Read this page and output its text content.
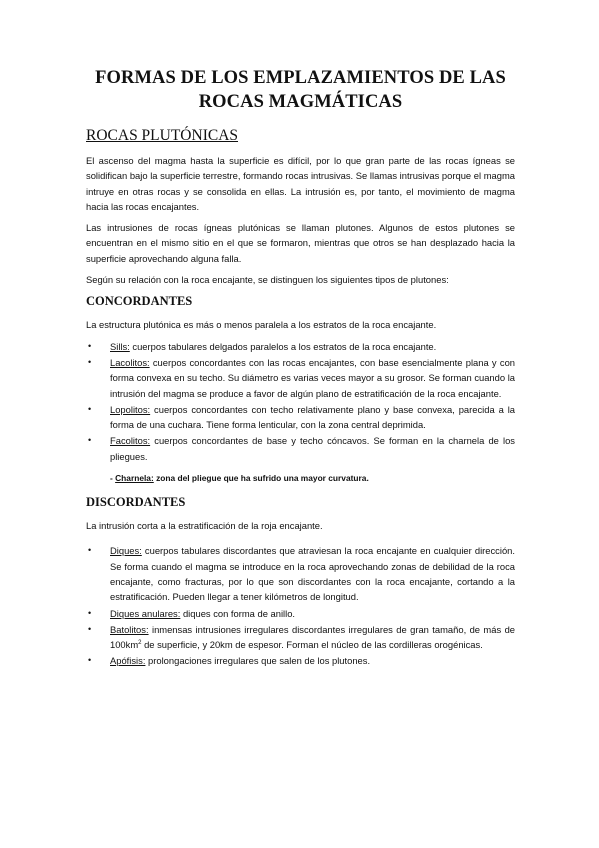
FORMAS DE LOS EMPLAZAMIENTOS DE LAS
ROCAS MAGMÁTICAS
ROCAS PLUTÓNICAS

El ascenso del magma hasta la superficie es difícil, por lo que gran parte de las rocas ígneas se solidifican bajo la superficie terrestre, formando rocas intrusivas. Se llamas intrusivas porque el magma intruye en otras rocas y se consolida en ellas. La intrusión es, por tanto, el movimiento de magma hacia las rocas encajantes.

Las intrusiones de rocas ígneas plutónicas se llaman plutones. Algunos de estos plutones se encuentran en el mismo sitio en el que se formaron, mientras que otros se han desplazado hacia la superficie aprovechando alguna falla.

Según su relación con la roca encajante, se distinguen los siguientes tipos de plutones:

CONCORDANTES

La estructura plutónica es más o menos paralela a los estratos de la roca encajante.

• Sills: cuerpos tabulares delgados paralelos a los estratos de la roca encajante.
• Lacolitos: cuerpos concordantes con las rocas encajantes, con base esencialmente plana y con forma convexa en su techo. Su diámetro es varias veces mayor a su grosor. Se forman cuando la intrusión del magma se produce a favor de algún plano de estratificación de la roca encajante.
• Lopolitos: cuerpos concordantes con techo relativamente plano y base convexa, parecida a la forma de una cuchara. Tiene forma lenticular, con la zona central deprimida.
• Facolitos: cuerpos concordantes de base y techo cóncavos. Se forman en la charnela de los pliegues.
- Charnela: zona del pliegue que ha sufrido una mayor curvatura.
DISCORDANTES

La intrusión corta a la estratificación de la roja encajante.

• Diques: cuerpos tabulares discordantes que atraviesan la roca encajante en cualquier dirección. Se forma cuando el magma se introduce en la roca aprovechando zonas de debilidad de la roca encajante, como fracturas, por lo que son discordantes con la roca encajante, cortando a la estratificación. Pueden llegar a tener kilómetros de longitud.
• Diques anulares: diques con forma de anillo.
• Batolitos: inmensas intrusiones irregulares discordantes irregulares de gran tamaño, de más de $100km^2$ de superficie, y 20km de espesor. Forman el núcleo de las cordilleras orogénicas.
• Apófisis: prolongaciones irregulares que salen de los plutones.
